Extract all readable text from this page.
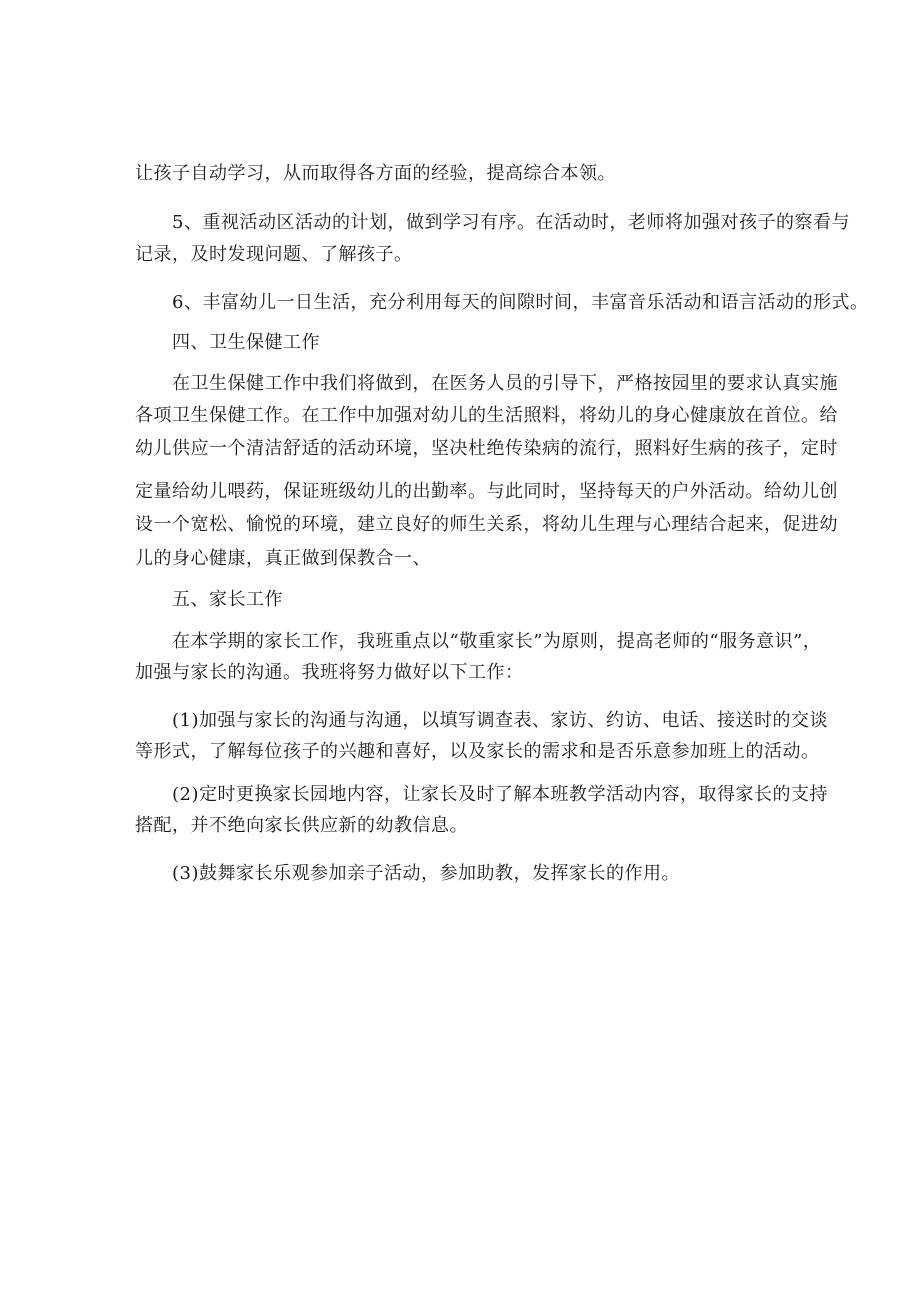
让孩子自动学习，从而取得各方面的经验，提高综合本领。
5、重视活动区活动的计划，做到学习有序。在活动时，老师将加强对孩子的察看与
记录，及时发现问题、了解孩子。
6、丰富幼儿一日生活，充分利用每天的间隙时间，丰富音乐活动和语言活动的形式。
四、卫生保健工作
在卫生保健工作中我们将做到，在医务人员的引导下，严格按园里的要求认真实施
各项卫生保健工作。在工作中加强对幼儿的生活照料，将幼儿的身心健康放在首位。给
幼儿供应一个清洁舒适的活动环境，坚决杜绝传染病的流行，照料好生病的孩子，定时
定量给幼儿喂药，保证班级幼儿的出勤率。与此同时，坚持每天的户外活动。给幼儿创
设一个宽松、愉悦的环境，建立良好的师生关系，将幼儿生理与心理结合起来，促进幼
儿的身心健康，真正做到保教合一、
五、家长工作
在本学期的家长工作，我班重点以“敬重家长”为原则，提高老师的“服务意识”，
加强与家长的沟通。我班将努力做好以下工作：
(1)加强与家长的沟通与沟通，以填写调查表、家访、约访、电话、接送时的交谈
等形式，了解每位孩子的兴趣和喜好，以及家长的需求和是否乐意参加班上的活动。
(2)定时更换家长园地内容，让家长及时了解本班教学活动内容，取得家长的支持
搭配，并不绝向家长供应新的幼教信息。
(3)鼓舞家长乐观参加亲子活动，参加助教，发挥家长的作用。
